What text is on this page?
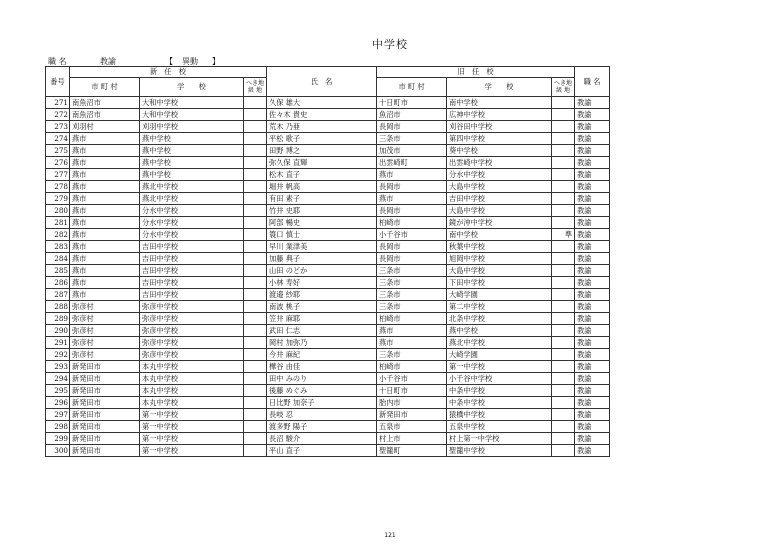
中学校
職 名	教諭	【 異動 】
番号	新　任　校			氏　名	旧　任　校			職 名
	市 町 村	学　　校	へき地
級 地		市 町 村	学　　校	へき地
級 地	
271	南魚沼市	大和中学校		久保 雄大	十日町市	南中学校		教諭
272	南魚沼市	大和中学校		佐々木 貴史	魚沼市	広神中学校		教諭
273	刈羽村	刈羽中学校		荒木 乃亜	長岡市	刈谷田中学校		教諭
274	燕市	燕中学校		平松 歌子	三条市	第四中学校		教諭
275	燕市	燕中学校		田野 博之	加茂市	葵中学校		教諭
276	燕市	燕中学校		弥久保 直輝	出雲崎町	出雲崎中学校		教諭
277	燕市	燕中学校		松木 直子	燕市	分水中学校		教諭
278	燕市	燕北中学校		堀井 帆高	長岡市	大島中学校		教諭
279	燕市	燕北中学校		有田 素子	燕市	吉田中学校		教諭
280	燕市	分水中学校		竹井 史耶	長岡市	大島中学校		教諭
281	燕市	分水中学校		阿部 暢史	柏崎市	鏡が沖中学校		教諭
282	燕市	分水中学校		簑口 慎士	小千谷市	南中学校	準	教諭
283	燕市	吉田中学校		早川 業津美	長岡市	秋葉中学校		教諭
284	燕市	吉田中学校		加藤 典子	長岡市	旭岡中学校		教諭
285	燕市	吉田中学校		山田 のどか	三条市	大島中学校		教諭
286	燕市	吉田中学校		小林 寿好	三条市	下田中学校		教諭
287	燕市	吉田中学校		渡邉 紗耶	三条市	大崎学園		教諭
288	弥彦村	弥彦中学校		南波 桃子	三条市	第二中学校		教諭
289	弥彦村	弥彦中学校		笠井 麻耶	柏崎市	北条中学校		教諭
290	弥彦村	弥彦中学校		武田 仁志	燕市	燕中学校		教諭
291	弥彦村	弥彦中学校		岡村 加弥乃	燕市	燕北中学校		教諭
292	弥彦村	弥彦中学校		今井 麻紀	三条市	大崎学園		教諭
293	新発田市	本丸中学校		樺谷 由佳	柏崎市	第一中学校		教諭
294	新発田市	本丸中学校		田中 みのり	小千谷市	小千谷中学校		教諭
295	新発田市	本丸中学校		後藤 めぐみ	十日町市	中条中学校		教諭
296	新発田市	本丸中学校		日比野 加奈子	胎内市	中条中学校		教諭
297	新発田市	第一中学校		長岐 忍	新発田市	猿橋中学校		教諭
298	新発田市	第一中学校		渡多野 陽子	五泉市	五泉中学校		教諭
299	新発田市	第一中学校		長沼 駿介	村上市	村上第一中学校		教諭
300	新発田市	第一中学校		平山 直子	聖籠町	聖籠中学校		教諭
121
